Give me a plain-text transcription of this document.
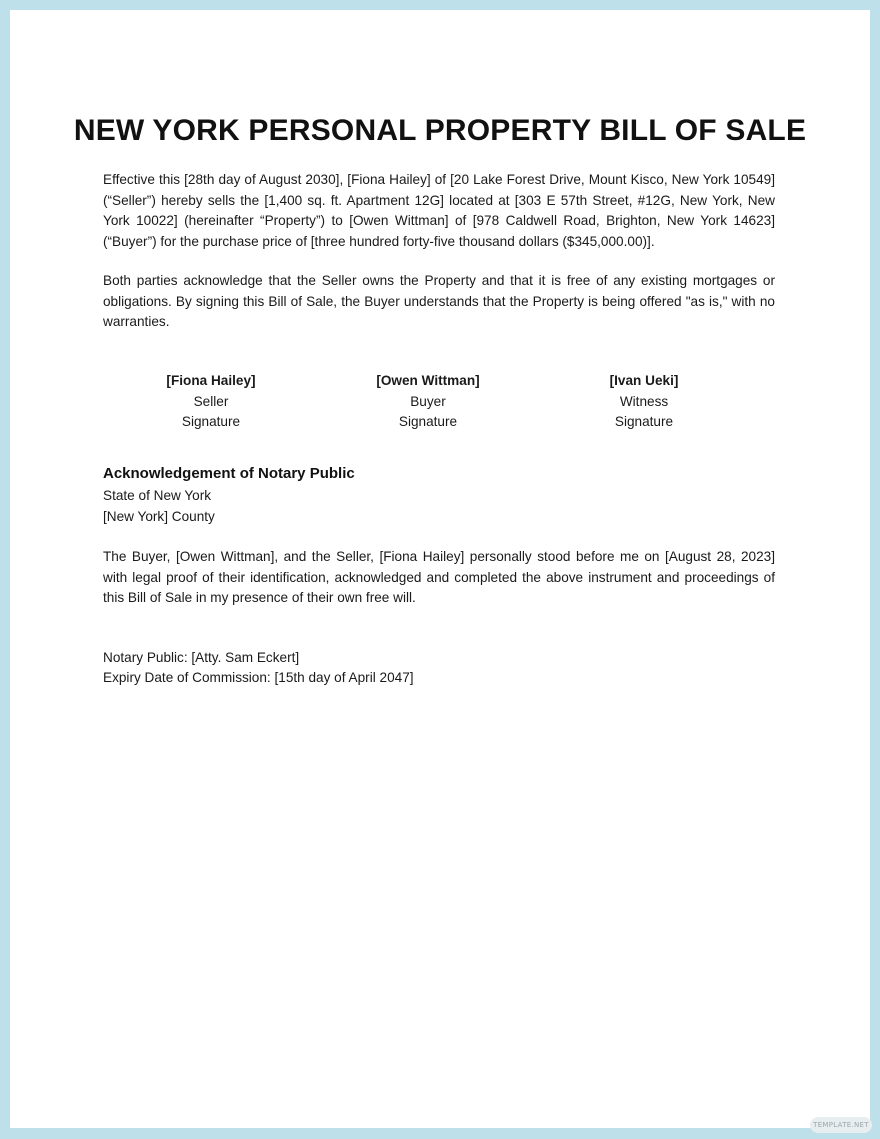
NEW YORK PERSONAL PROPERTY BILL OF SALE

Effective this [28th day of August 2030], [Fiona Hailey] of [20 Lake Forest Drive, Mount Kisco, New York 10549] (“Seller”) hereby sells the [1,400 sq. ft. Apartment 12G] located at [303 E 57th Street, #12G, New York, New York 10022] (hereinafter “Property”) to [Owen Wittman] of [978 Caldwell Road, Brighton, New York 14623] (“Buyer”) for the purchase price of [three hundred forty-five thousand dollars ($345,000.00)].

Both parties acknowledge that the Seller owns the Property and that it is free of any existing mortgages or obligations. By signing this Bill of Sale, the Buyer understands that the Property is being offered "as is," with no warranties.

[Fiona Hailey]
Seller
Signature
[Owen Wittman]
Buyer
Signature
[Ivan Ueki]
Witness
Signature
Acknowledgement of Notary Public

State of New York

[New York] County

The Buyer, [Owen Wittman], and the Seller, [Fiona Hailey] personally stood before me on [August 28, 2023] with legal proof of their identification, acknowledged and completed the above instrument and proceedings of this Bill of Sale in my presence of their own free will.

Notary Public: [Atty. Sam Eckert]

Expiry Date of Commission: [15th day of April 2047]

TEMPLATE.NET
